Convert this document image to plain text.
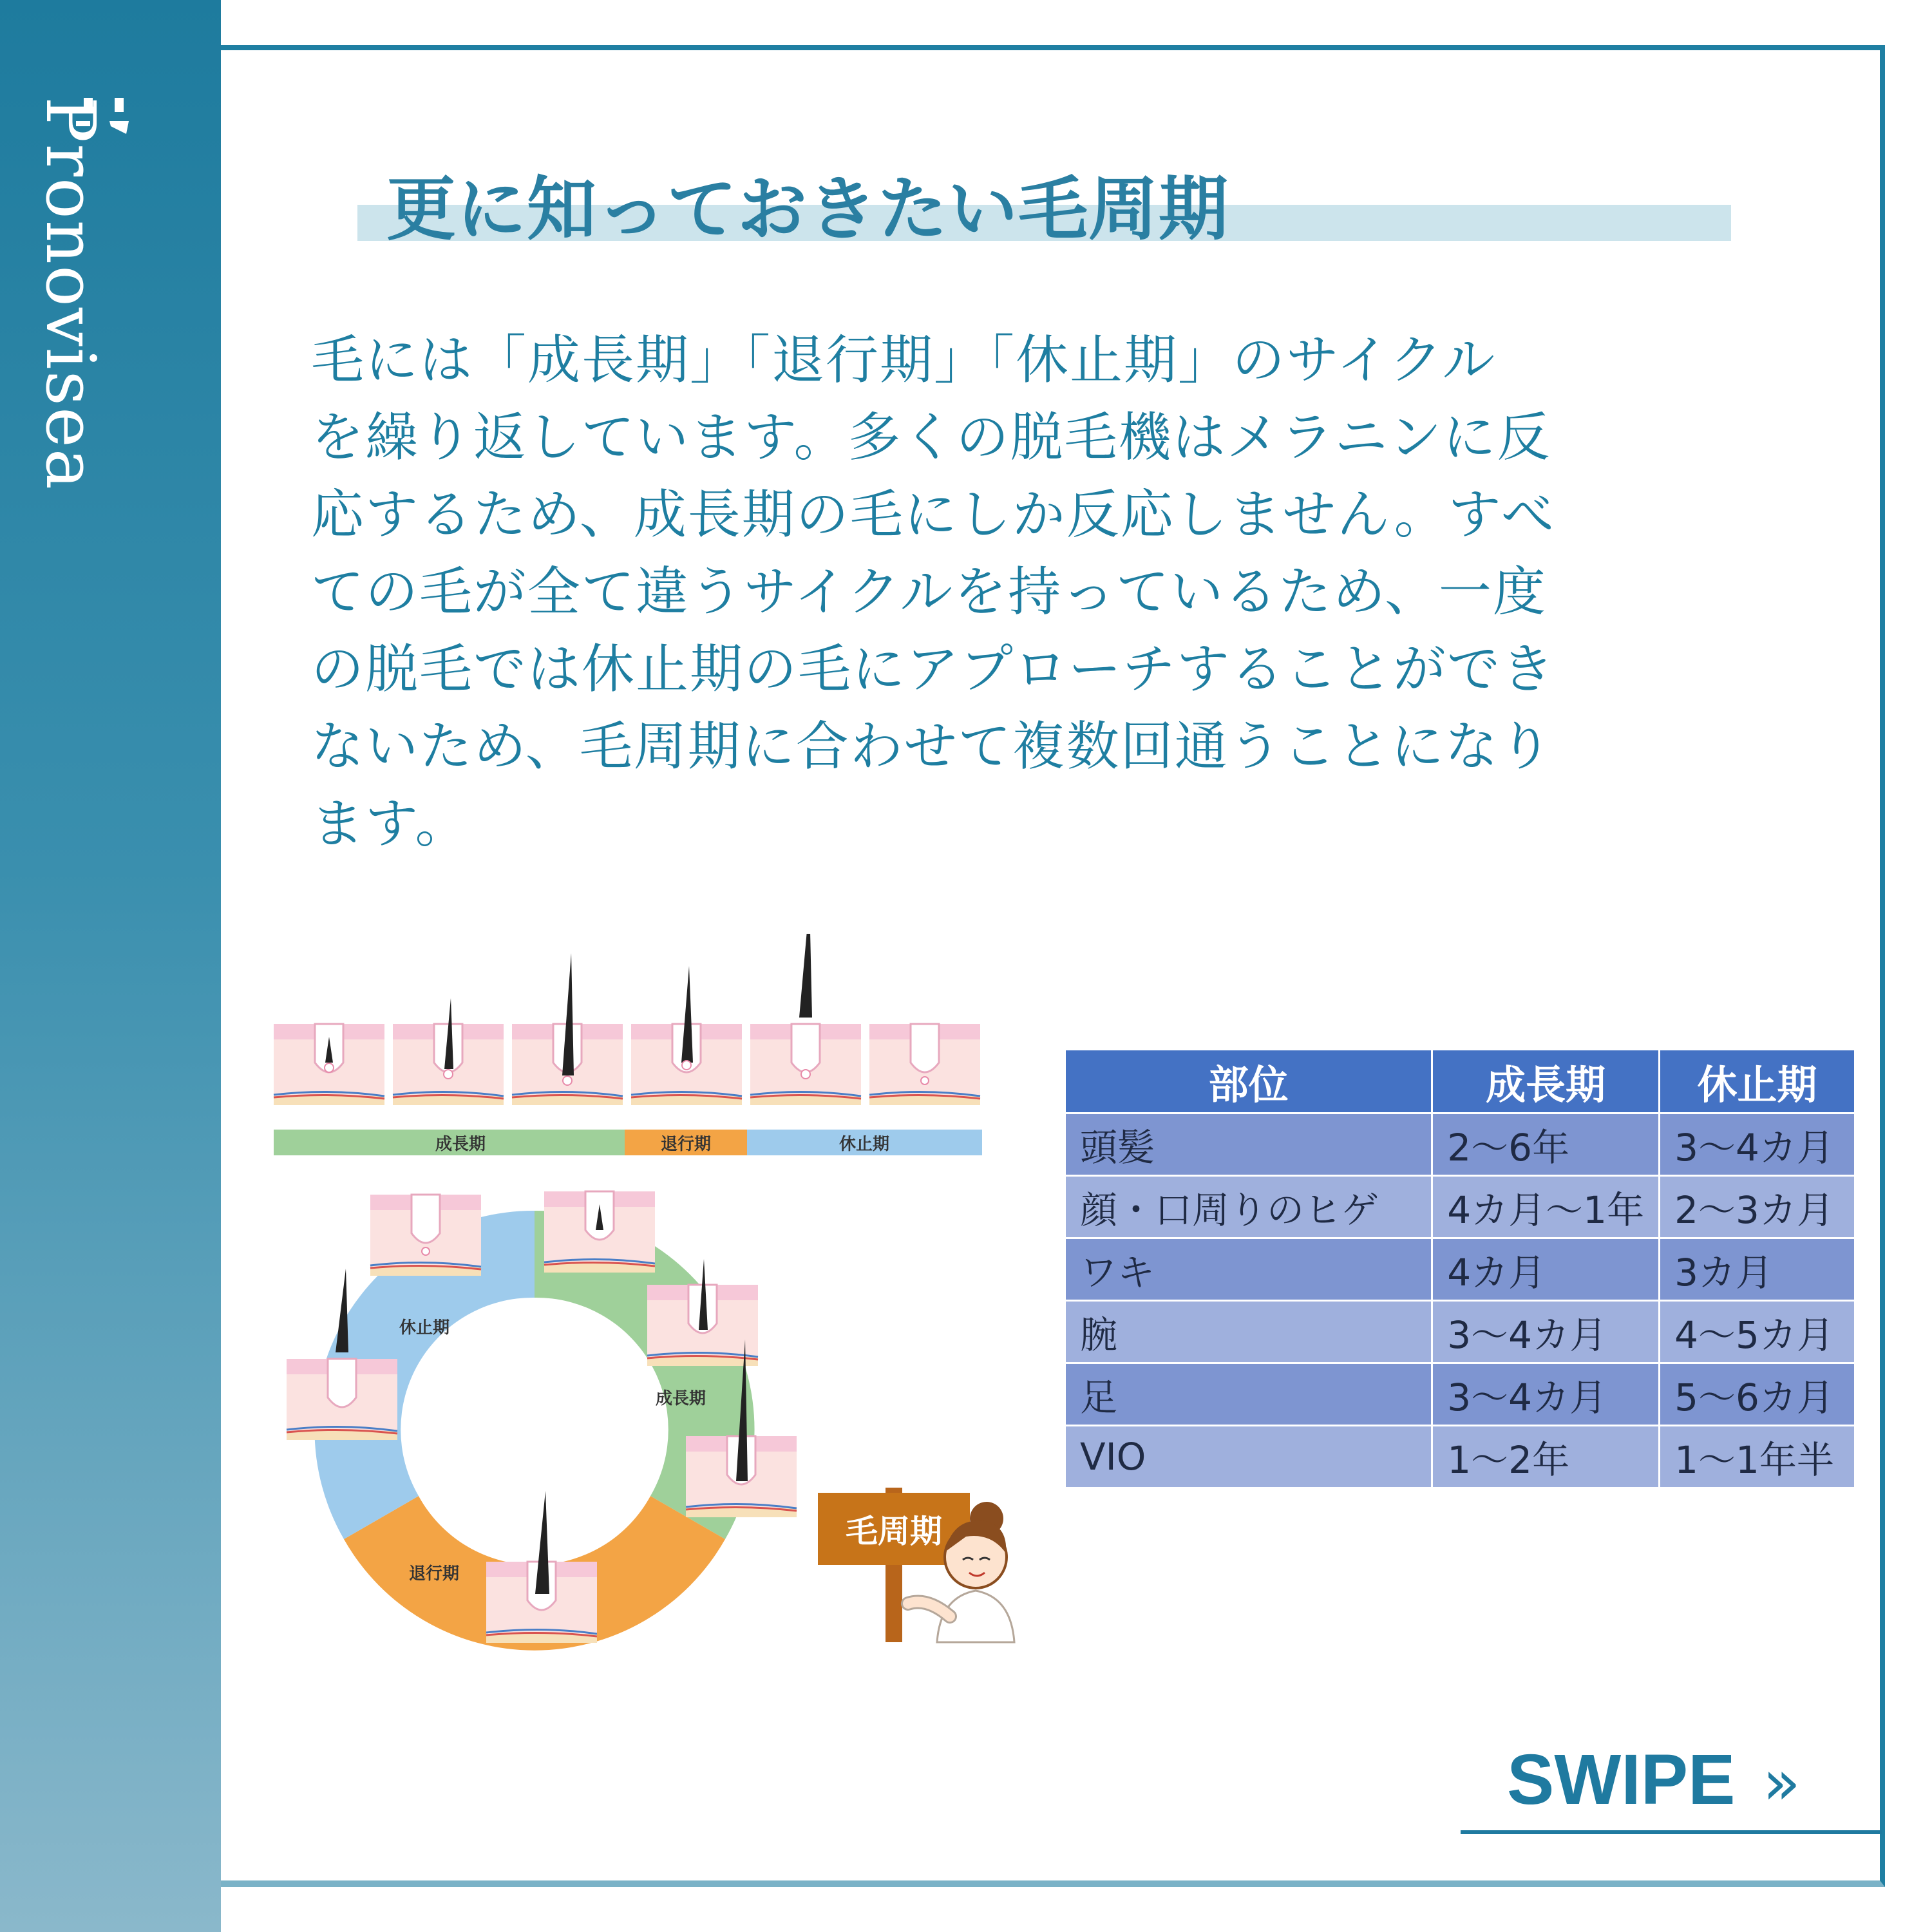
Pronovisea	更に知っておきたい毛周期
毛には「成長期」「退行期」「休止期」のサイクル
を繰り返しています。多くの脱毛機はメラニンに反
応するため、成長期の毛にしか反応しません。すべ
ての毛が全て違うサイクルを持っているため、一度
の脱毛では休止期の毛にアプローチすることができ
ないため、毛周期に合わせて複数回通うことになり
ます。
成長期	退行期	休止期
休止期
成長期
退行期
毛周期
部位	成長期	休止期
頭髪	2〜6年	3〜4カ月
顔・口周りのヒゲ	4カ月〜1年	2〜3カ月
ワキ	4カ月	3カ月
腕	3〜4カ月	4〜5カ月
足	3〜4カ月	5〜6カ月
VIO	1〜2年	1〜1年半
SWIPE »
